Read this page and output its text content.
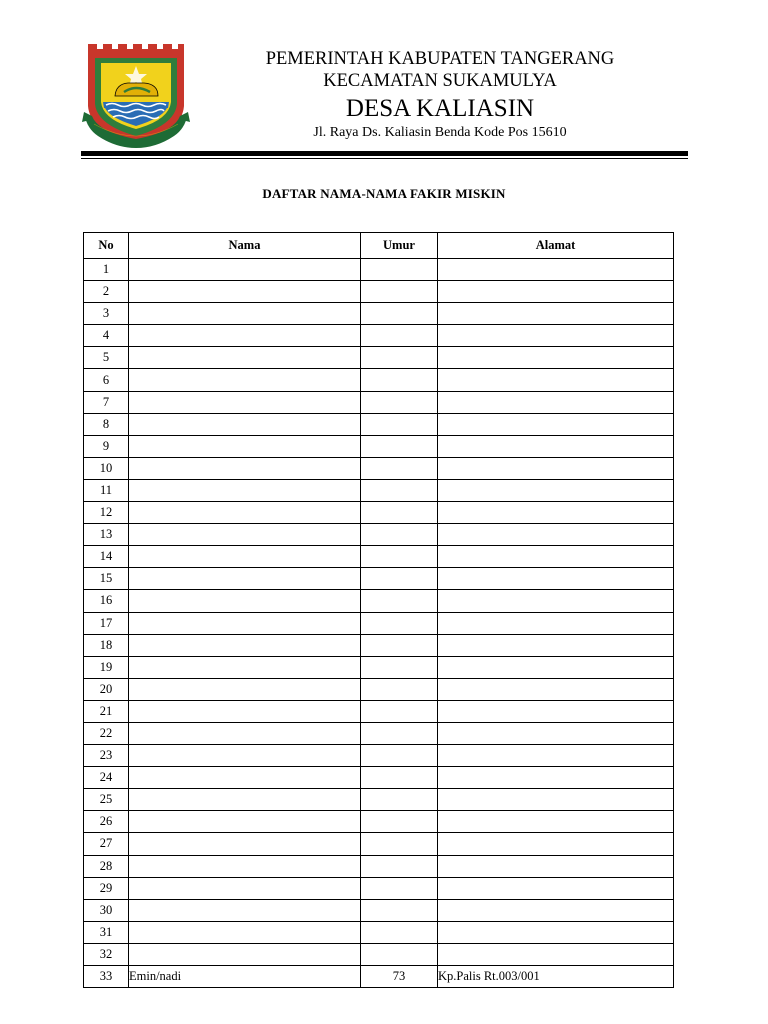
PEMERINTAH KABUPATEN TANGERANG
KECAMATAN SUKAMULYA
DESA KALIASIN
Jl. Raya Ds. Kaliasin Benda Kode Pos 15610
DAFTAR NAMA-NAMA FAKIR MISKIN
No	Nama	Umur	Alamat
1			
2			
3			
4			
5			
6			
7			
8			
9			
10			
11			
12			
13			
14			
15			
16			
17			
18			
19			
20			
21			
22			
23			
24			
25			
26			
27			
28			
29			
30			
31			
32			
33	Emin/nadi	73	Kp.Palis Rt.003/001
